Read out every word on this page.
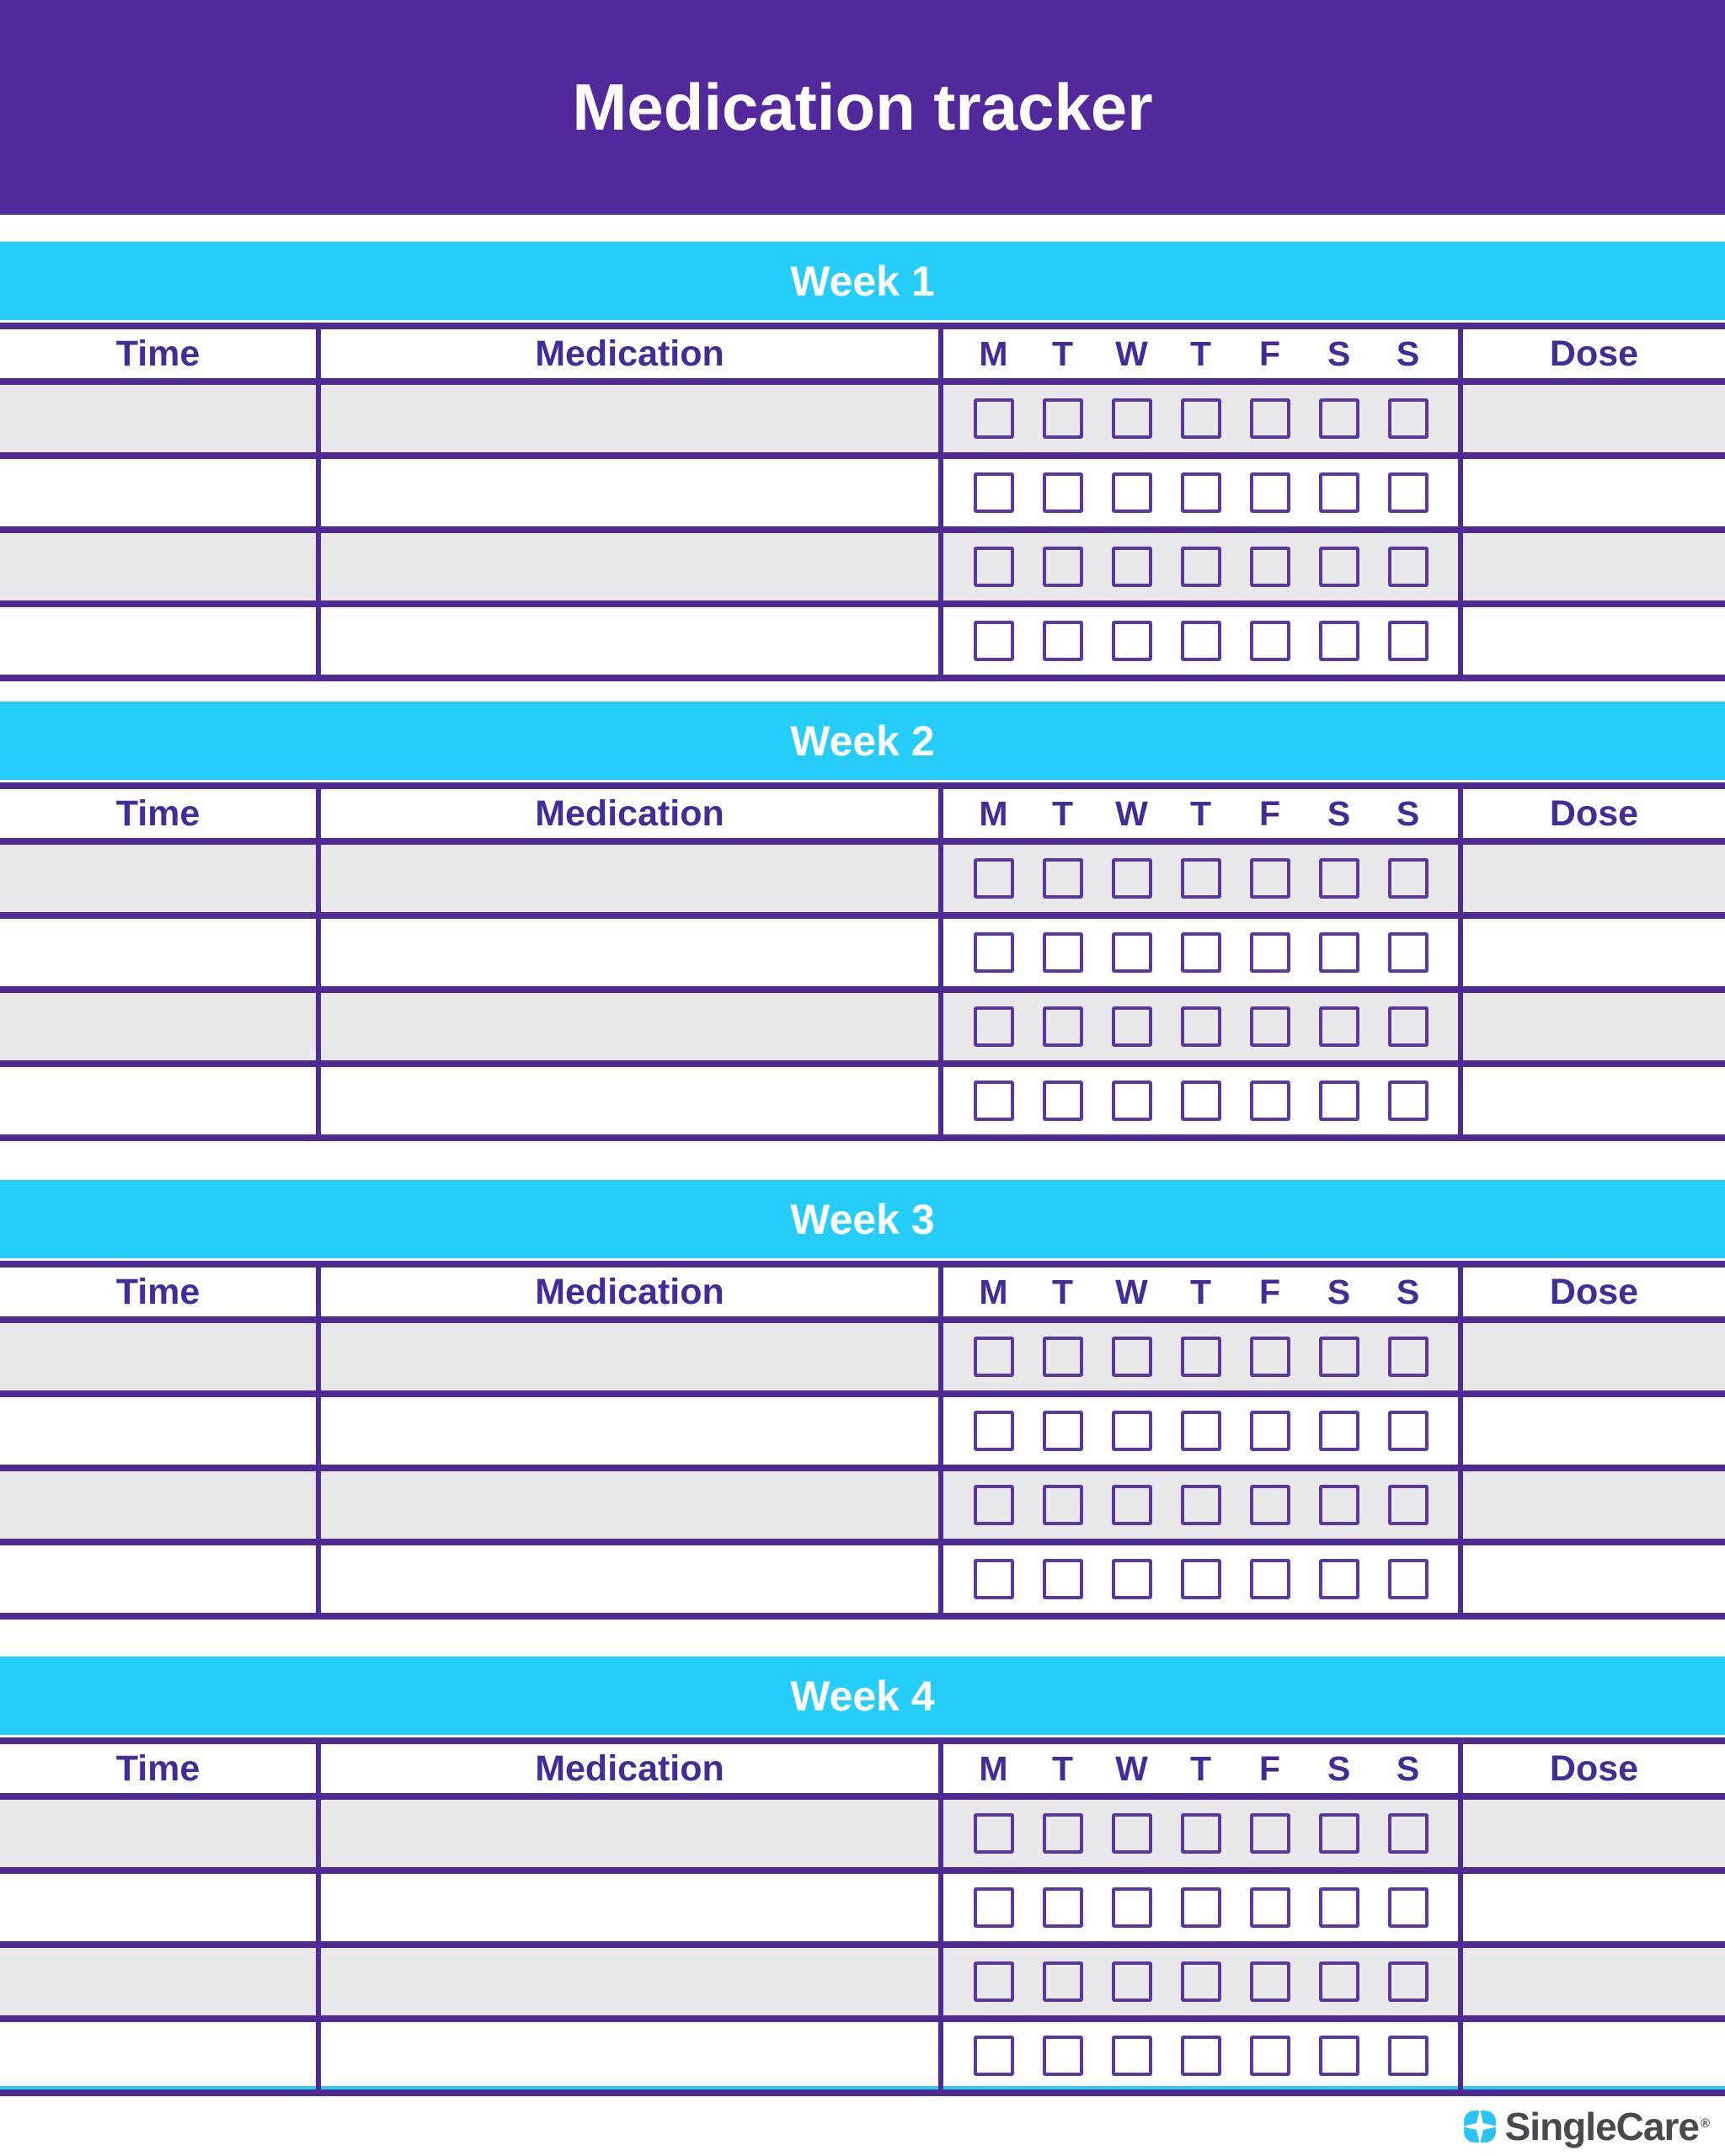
Medication tracker
Week 1
Time	Medication	M T W T F S S	Dose
Week 2
Time	Medication	M T W T F S S	Dose
Week 3
Time	Medication	M T W T F S S	Dose
Week 4
Time	Medication	M T W T F S S	Dose
SingleCare ®
